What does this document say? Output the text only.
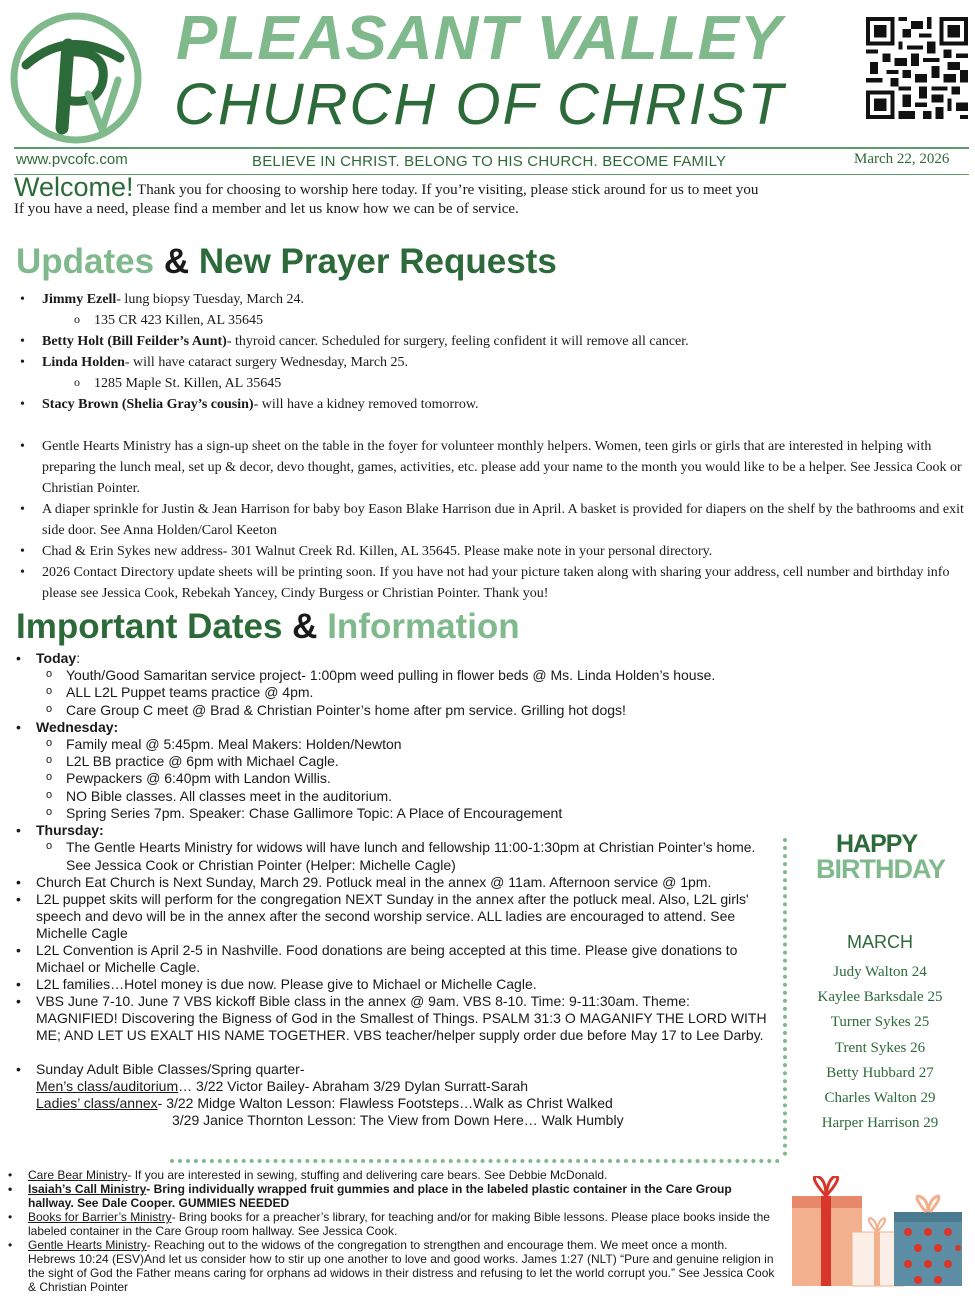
PLEASANT VALLEY
CHURCH OF CHRIST
www.pvcofc.com	BELIEVE IN CHRIST. BELONG TO HIS CHURCH. BECOME FAMILY	March 22, 2026
Welcome! Thank you for choosing to worship here today. If you’re visiting, please stick around for us to meet you
If you have a need, please find a member and let us know how we can be of service.
Updates & New Prayer Requests
• Jimmy Ezell- lung biopsy Tuesday, March 24.
o 135 CR 423 Killen, AL 35645
• Betty Holt (Bill Feilder’s Aunt)- thyroid cancer. Scheduled for surgery, feeling confident it will remove all cancer.
• Linda Holden- will have cataract surgery Wednesday, March 25.
o 1285 Maple St. Killen, AL 35645
• Stacy Brown (Shelia Gray’s cousin)- will have a kidney removed tomorrow.
• Gentle Hearts Ministry has a sign-up sheet on the table in the foyer for volunteer monthly helpers. Women, teen girls or girls that are interested in helping with preparing the lunch meal, set up & decor, devo thought, games, activities, etc. please add your name to the month you would like to be a helper. See Jessica Cook or Christian Pointer.
• A diaper sprinkle for Justin & Jean Harrison for baby boy Eason Blake Harrison due in April. A basket is provided for diapers on the shelf by the bathrooms and exit side door. See Anna Holden/Carol Keeton
• Chad & Erin Sykes new address- 301 Walnut Creek Rd. Killen, AL 35645. Please make note in your personal directory.
• 2026 Contact Directory update sheets will be printing soon. If you have not had your picture taken along with sharing your address, cell number and birthday info please see Jessica Cook, Rebekah Yancey, Cindy Burgess or Christian Pointer. Thank you!
Important Dates & Information
• Today:
o Youth/Good Samaritan service project- 1:00pm weed pulling in flower beds @ Ms. Linda Holden’s house.
o ALL L2L Puppet teams practice @ 4pm.
o Care Group C meet @ Brad & Christian Pointer’s home after pm service. Grilling hot dogs!
• Wednesday:
o Family meal @ 5:45pm. Meal Makers: Holden/Newton
o L2L BB practice @ 6pm with Michael Cagle.
o Pewpackers @ 6:40pm with Landon Willis.
o NO Bible classes. All classes meet in the auditorium.
o Spring Series 7pm. Speaker: Chase Gallimore Topic: A Place of Encouragement
• Thursday:
o The Gentle Hearts Ministry for widows will have lunch and fellowship 11:00-1:30pm at Christian Pointer’s home. See Jessica Cook or Christian Pointer (Helper: Michelle Cagle)
• Church Eat Church is Next Sunday, March 29. Potluck meal in the annex @ 11am. Afternoon service @ 1pm.
• L2L puppet skits will perform for the congregation NEXT Sunday in the annex after the potluck meal. Also, L2L girls' speech and devo will be in the annex after the second worship service. ALL ladies are encouraged to attend. See Michelle Cagle
• L2L Convention is April 2-5 in Nashville. Food donations are being accepted at this time. Please give donations to Michael or Michelle Cagle.
• L2L families…Hotel money is due now. Please give to Michael or Michelle Cagle.
• VBS June 7-10. June 7 VBS kickoff Bible class in the annex @ 9am. VBS 8-10. Time: 9-11:30am. Theme: MAGNIFIED! Discovering the Bigness of God in the Smallest of Things. PSALM 31:3 O MAGANIFY THE LORD WITH ME; AND LET US EXALT HIS NAME TOGETHER. VBS teacher/helper supply order due before May 17 to Lee Darby.
• Sunday Adult Bible Classes/Spring quarter-
Men’s class/auditorium… 3/22 Victor Bailey- Abraham 3/29 Dylan Surratt-Sarah
Ladies’ class/annex- 3/22 Midge Walton Lesson: Flawless Footsteps…Walk as Christ Walked

3/29 Janice Thornton Lesson: The View from Down Here… Walk Humbly
HAPPY
BIRTHDAY
MARCH
Judy Walton 24
Kaylee Barksdale 25
Turner Sykes 25
Trent Sykes 26
Betty Hubbard 27
Charles Walton 29
Harper Harrison 29
• Care Bear Ministry- If you are interested in sewing, stuffing and delivering care bears. See Debbie McDonald.
• Isaiah’s Call Ministry- Bring individually wrapped fruit gummies and place in the labeled plastic container in the Care Group hallway. See Dale Cooper. GUMMIES NEEDED
• Books for Barrier’s Ministry- Bring books for a preacher’s library, for teaching and/or for making Bible lessons. Please place books inside the labeled container in the Care Group room hallway. See Jessica Cook.
• Gentle Hearts Ministry- Reaching out to the widows of the congregation to strengthen and encourage them. We meet once a month. Hebrews 10:24 (ESV)And let us consider how to stir up one another to love and good works. James 1:27 (NLT) “Pure and genuine religion in the sight of God the Father means caring for orphans ad widows in their distress and refusing to let the world corrupt you.” See Jessica Cook & Christian Pointer
